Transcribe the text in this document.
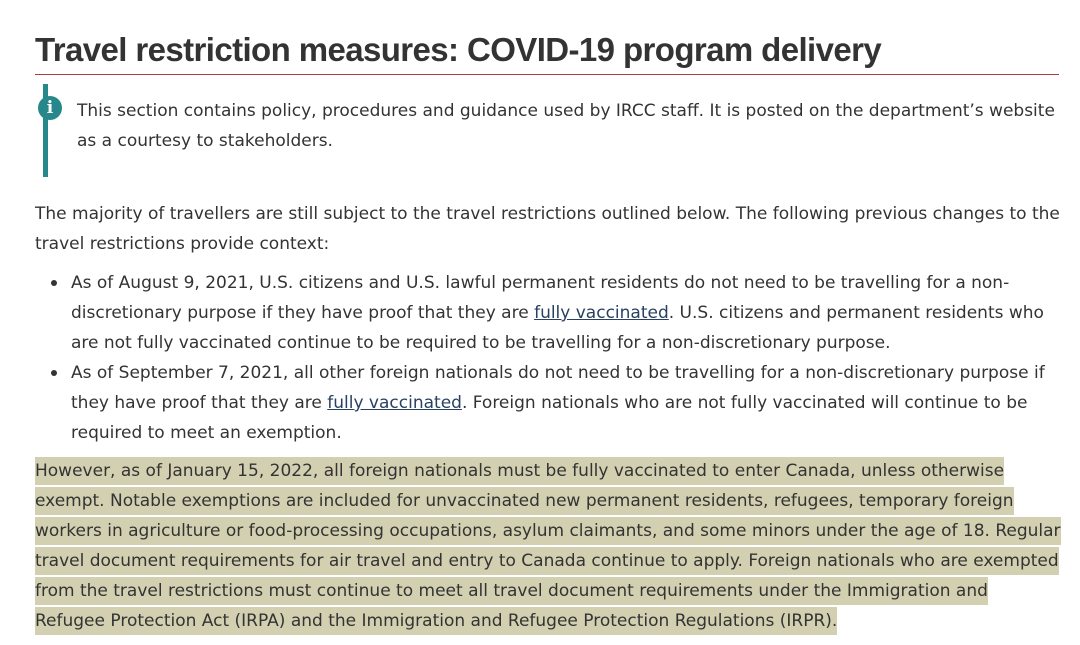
Travel restriction measures: COVID-19 program delivery
i	This section contains policy, procedures and guidance used by IRCC staff. It is posted on the department’s website as a courtesy to stakeholders.

The majority of travellers are still subject to the travel restrictions outlined below. The following previous changes to the travel restrictions provide context:

As of August 9, 2021, U.S. citizens and U.S. lawful permanent residents do not need to be travelling for a non-discretionary purpose if they have proof that they are fully vaccinated. U.S. citizens and permanent residents who are not fully vaccinated continue to be required to be travelling for a non-discretionary purpose.
As of September 7, 2021, all other foreign nationals do not need to be travelling for a non-discretionary purpose if they have proof that they are fully vaccinated. Foreign nationals who are not fully vaccinated will continue to be required to meet an exemption.

However, as of January 15, 2022, all foreign nationals must be fully vaccinated to enter Canada, unless otherwise exempt. Notable exemptions are included for unvaccinated new permanent residents, refugees, temporary foreign workers in agriculture or food-processing occupations, asylum claimants, and some minors under the age of 18. Regular travel document requirements for air travel and entry to Canada continue to apply. Foreign nationals who are exempted from the travel restrictions must continue to meet all travel document requirements under the Immigration and Refugee Protection Act (IRPA) and the Immigration and Refugee Protection Regulations (IRPR).
